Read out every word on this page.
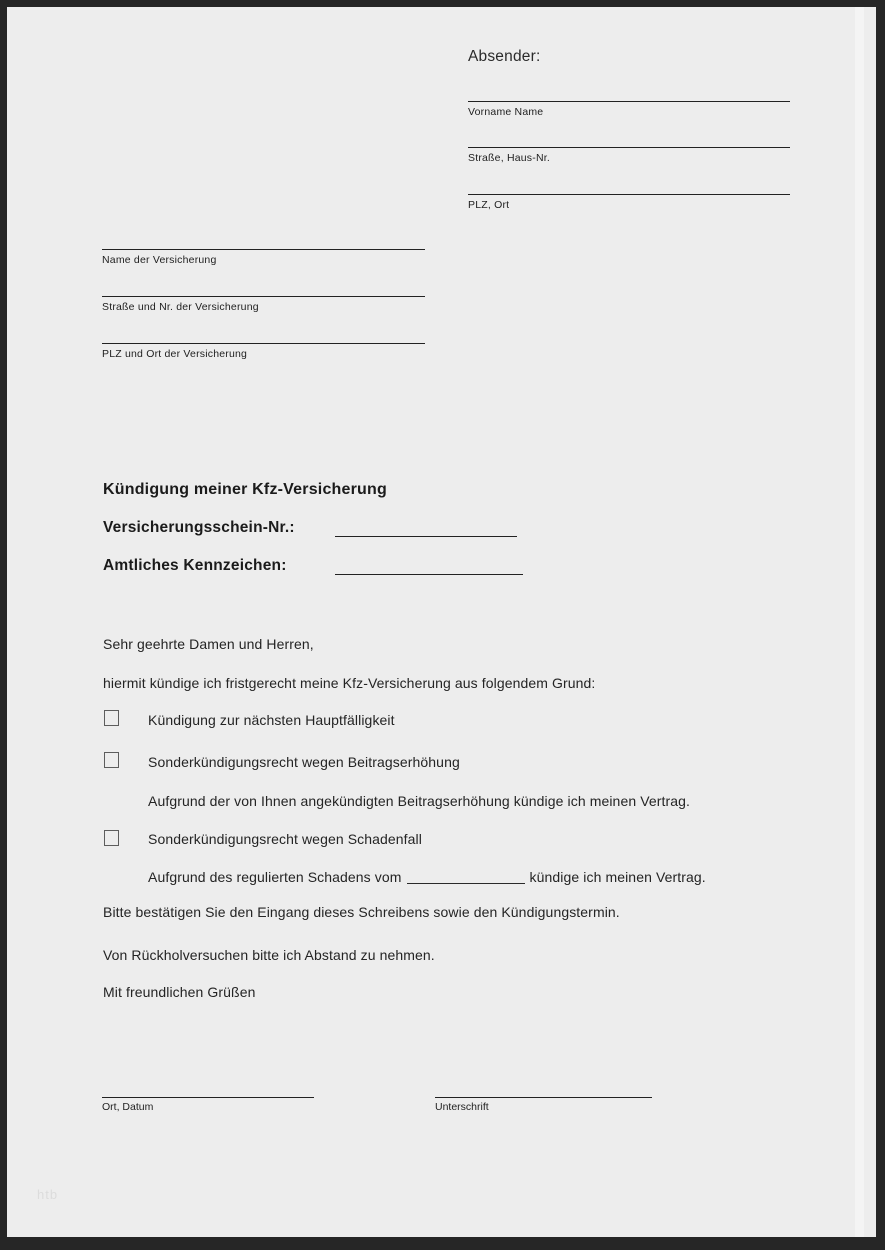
Absender:
Vorname Name
Straße, Haus-Nr.
PLZ, Ort
Name der Versicherung
Straße und Nr. der Versicherung
PLZ und Ort der Versicherung
Kündigung meiner Kfz-Versicherung
Versicherungsschein-Nr.:
Amtliches Kennzeichen:
Sehr geehrte Damen und Herren,
hiermit kündige ich fristgerecht meine Kfz-Versicherung aus folgendem Grund:
Kündigung zur nächsten Hauptfälligkeit
Sonderkündigungsrecht wegen Beitragserhöhung
Aufgrund der von Ihnen angekündigten Beitragserhöhung kündige ich meinen Vertrag.
Sonderkündigungsrecht wegen Schadenfall
Aufgrund des regulierten Schadens vom	kündige ich meinen Vertrag.
Bitte bestätigen Sie den Eingang dieses Schreibens sowie den Kündigungstermin.
Von Rückholversuchen bitte ich Abstand zu nehmen.
Mit freundlichen Grüßen
Ort, Datum	Unterschrift
htb
